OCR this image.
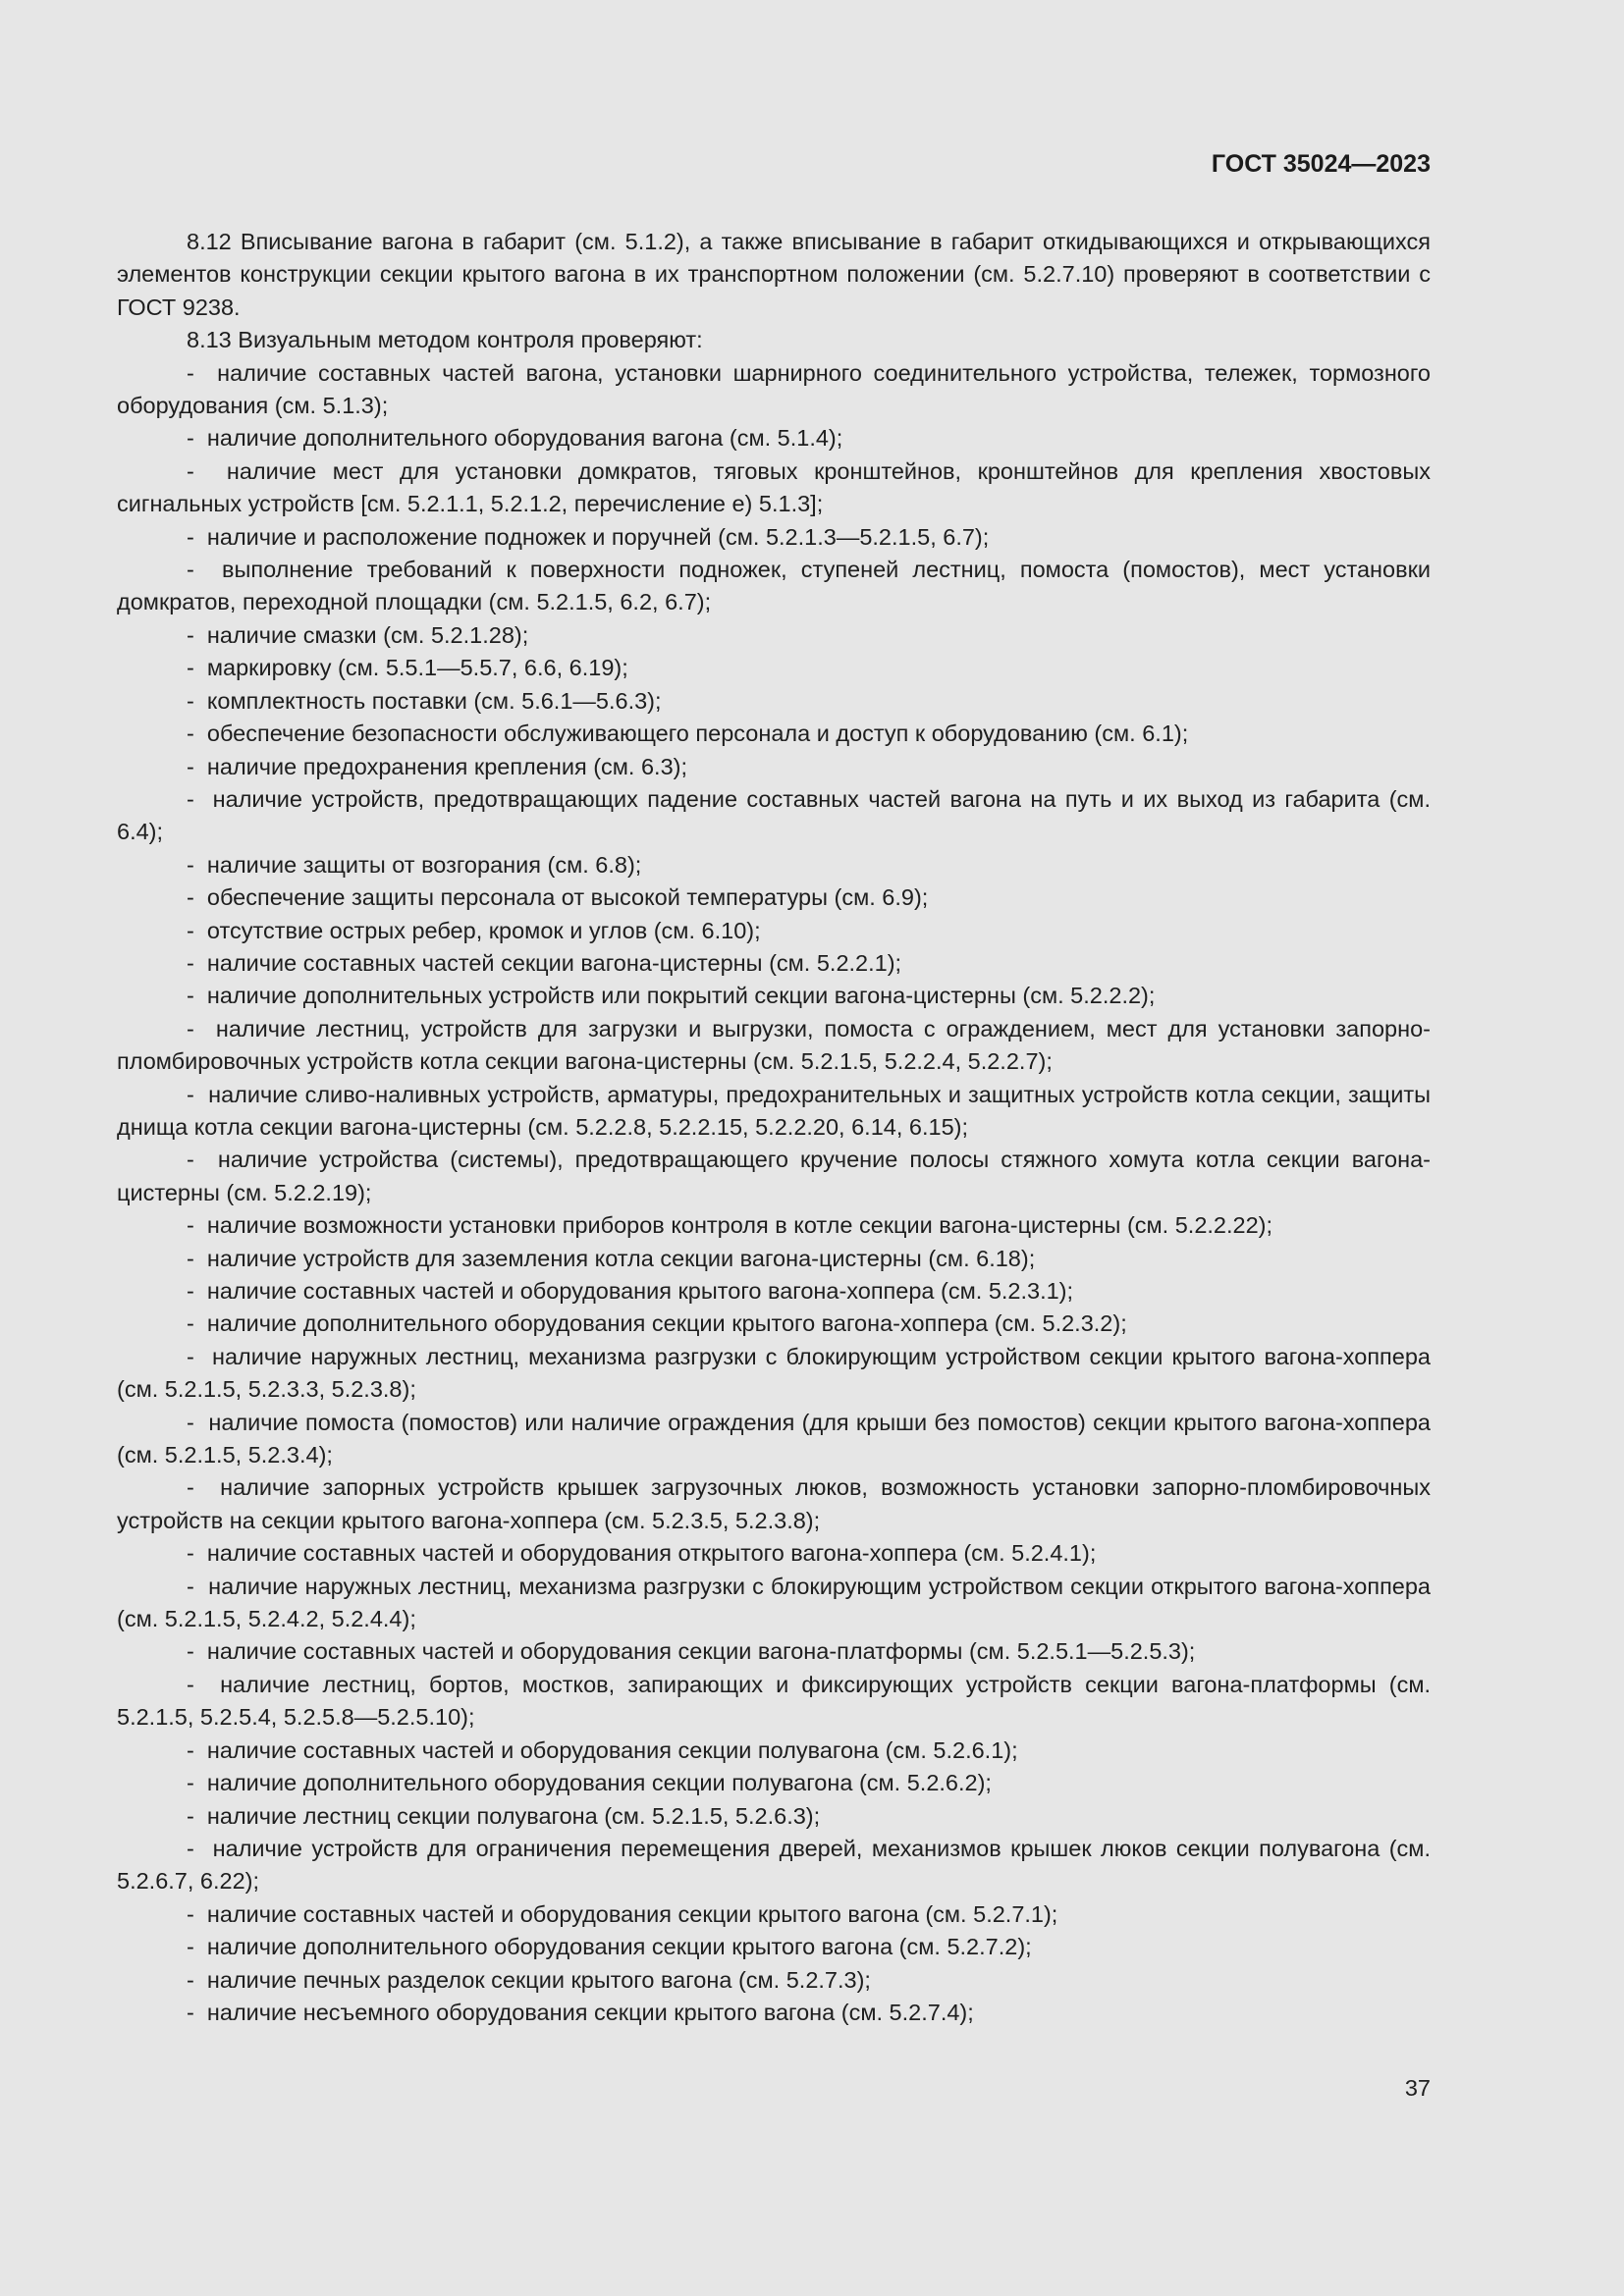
ГОСТ 35024—2023

8.12 Вписывание вагона в габарит (см. 5.1.2), а также вписывание в габарит откидывающихся и открывающихся элементов конструкции секции крытого вагона в их транспортном положении (см. 5.2.7.10) проверяют в соответствии с ГОСТ 9238.

8.13 Визуальным методом контроля проверяют:

-  наличие составных частей вагона, установки шарнирного соединительного устройства, тележек, тормозного оборудования (см. 5.1.3);

-  наличие дополнительного оборудования вагона (см. 5.1.4);

-  наличие мест для установки домкратов, тяговых кронштейнов, кронштейнов для крепления хвостовых сигнальных устройств [см. 5.2.1.1, 5.2.1.2, перечисление е) 5.1.3];

-  наличие и расположение подножек и поручней (см. 5.2.1.3—5.2.1.5, 6.7);

-  выполнение требований к поверхности подножек, ступеней лестниц, помоста (помостов), мест установки домкратов, переходной площадки (см. 5.2.1.5, 6.2, 6.7);

-  наличие смазки (см. 5.2.1.28);

-  маркировку (см. 5.5.1—5.5.7, 6.6, 6.19);

-  комплектность поставки (см. 5.6.1—5.6.3);

-  обеспечение безопасности обслуживающего персонала и доступ к оборудованию (см. 6.1);

-  наличие предохранения крепления (см. 6.3);

-  наличие устройств, предотвращающих падение составных частей вагона на путь и их выход из габарита (см. 6.4);

-  наличие защиты от возгорания (см. 6.8);

-  обеспечение защиты персонала от высокой температуры (см. 6.9);

-  отсутствие острых ребер, кромок и углов (см. 6.10);

-  наличие составных частей секции вагона-цистерны (см. 5.2.2.1);

-  наличие дополнительных устройств или покрытий секции вагона-цистерны (см. 5.2.2.2);

-  наличие лестниц, устройств для загрузки и выгрузки, помоста с ограждением, мест для установки запорно-пломбировочных устройств котла секции вагона-цистерны (см. 5.2.1.5, 5.2.2.4, 5.2.2.7);

-  наличие сливо-наливных устройств, арматуры, предохранительных и защитных устройств котла секции, защиты днища котла секции вагона-цистерны (см. 5.2.2.8, 5.2.2.15, 5.2.2.20, 6.14, 6.15);

-  наличие устройства (системы), предотвращающего кручение полосы стяжного хомута котла секции вагона-цистерны (см. 5.2.2.19);

-  наличие возможности установки приборов контроля в котле секции вагона-цистерны (см. 5.2.2.22);

-  наличие устройств для заземления котла секции вагона-цистерны (см. 6.18);

-  наличие составных частей и оборудования крытого вагона-хоппера (см. 5.2.3.1);

-  наличие дополнительного оборудования секции крытого вагона-хоппера (см. 5.2.3.2);

-  наличие наружных лестниц, механизма разгрузки с блокирующим устройством секции крытого вагона-хоппера (см. 5.2.1.5, 5.2.3.3, 5.2.3.8);

-  наличие помоста (помостов) или наличие ограждения (для крыши без помостов) секции крытого вагона-хоппера (см. 5.2.1.5, 5.2.3.4);

-  наличие запорных устройств крышек загрузочных люков, возможность установки запорно-пломбировочных устройств на секции крытого вагона-хоппера (см. 5.2.3.5, 5.2.3.8);

-  наличие составных частей и оборудования открытого вагона-хоппера (см. 5.2.4.1);

-  наличие наружных лестниц, механизма разгрузки с блокирующим устройством секции открытого вагона-хоппера (см. 5.2.1.5, 5.2.4.2, 5.2.4.4);

-  наличие составных частей и оборудования секции вагона-платформы (см. 5.2.5.1—5.2.5.3);

-  наличие лестниц, бортов, мостков, запирающих и фиксирующих устройств секции вагона-платформы (см. 5.2.1.5, 5.2.5.4, 5.2.5.8—5.2.5.10);

-  наличие составных частей и оборудования секции полувагона (см. 5.2.6.1);

-  наличие дополнительного оборудования секции полувагона (см. 5.2.6.2);

-  наличие лестниц секции полувагона (см. 5.2.1.5, 5.2.6.3);

-  наличие устройств для ограничения перемещения дверей, механизмов крышек люков секции полувагона (см. 5.2.6.7, 6.22);

-  наличие составных частей и оборудования секции крытого вагона (см. 5.2.7.1);

-  наличие дополнительного оборудования секции крытого вагона (см. 5.2.7.2);

-  наличие печных разделок секции крытого вагона (см. 5.2.7.3);

-  наличие несъемного оборудования секции крытого вагона (см. 5.2.7.4);

37
